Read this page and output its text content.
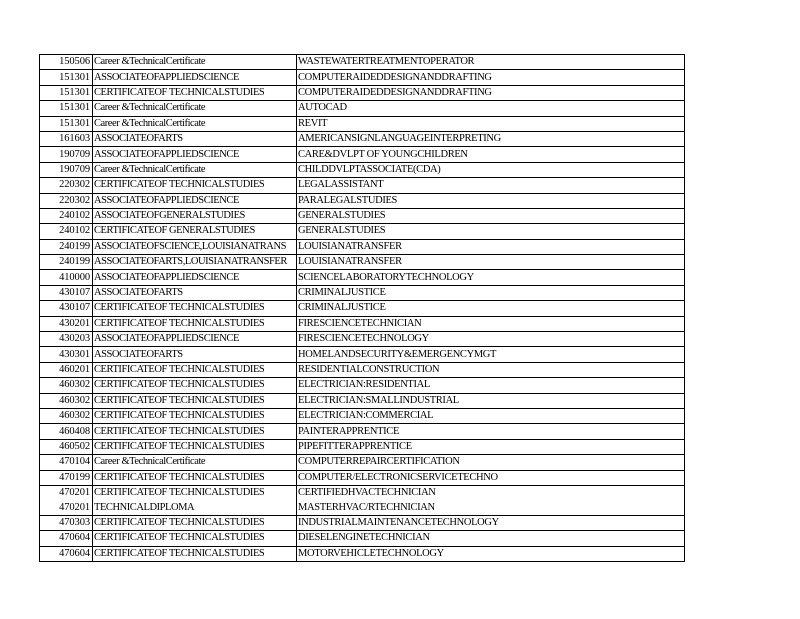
150506	Career &TechnicalCertificate	WASTEWATERTREATMENTOPERATOR
151301	ASSOCIATEOFAPPLIEDSCIENCE	COMPUTERAIDEDDESIGNANDDRAFTING
151301	CERTIFICATEOF TECHNICALSTUDIES	COMPUTERAIDEDDESIGNANDDRAFTING
151301	Career &TechnicalCertificate	AUTOCAD
151301	Career &TechnicalCertificate	REVIT
161603	ASSOCIATEOFARTS	AMERICANSIGNLANGUAGEINTERPRETING
190709	ASSOCIATEOFAPPLIEDSCIENCE	CARE&DVLPT OF YOUNGCHILDREN
190709	Career &TechnicalCertificate	CHILDDVLPTASSOCIATE(CDA)
220302	CERTIFICATEOF TECHNICALSTUDIES	LEGALASSISTANT
220302	ASSOCIATEOFAPPLIEDSCIENCE	PARALEGALSTUDIES
240102	ASSOCIATEOFGENERALSTUDIES	GENERALSTUDIES
240102	CERTIFICATEOF GENERALSTUDIES	GENERALSTUDIES
240199	ASSOCIATEOFSCIENCE,LOUISIANATRANS	LOUISIANATRANSFER
240199	ASSOCIATEOFARTS,LOUISIANATRANSFER	LOUISIANATRANSFER
410000	ASSOCIATEOFAPPLIEDSCIENCE	SCIENCELABORATORYTECHNOLOGY
430107	ASSOCIATEOFARTS	CRIMINALJUSTICE
430107	CERTIFICATEOF TECHNICALSTUDIES	CRIMINALJUSTICE
430201	CERTIFICATEOF TECHNICALSTUDIES	FIRESCIENCETECHNICIAN
430203	ASSOCIATEOFAPPLIEDSCIENCE	FIRESCIENCETECHNOLOGY
430301	ASSOCIATEOFARTS	HOMELANDSECURITY&EMERGENCYMGT
460201	CERTIFICATEOF TECHNICALSTUDIES	RESIDENTIALCONSTRUCTION
460302	CERTIFICATEOF TECHNICALSTUDIES	ELECTRICIAN:RESIDENTIAL
460302	CERTIFICATEOF TECHNICALSTUDIES	ELECTRICIAN:SMALLINDUSTRIAL
460302	CERTIFICATEOF TECHNICALSTUDIES	ELECTRICIAN:COMMERCIAL
460408	CERTIFICATEOF TECHNICALSTUDIES	PAINTERAPPRENTICE
460502	CERTIFICATEOF TECHNICALSTUDIES	PIPEFITTERAPPRENTICE
470104	Career &TechnicalCertificate	COMPUTERREPAIRCERTIFICATION
470199	CERTIFICATEOF TECHNICALSTUDIES	COMPUTER/ELECTRONICSERVICETECHNO
470201	CERTIFICATEOF TECHNICALSTUDIES	CERTIFIEDHVACTECHNICIAN
470201	TECHNICALDIPLOMA	MASTERHVAC/RTECHNICIAN
470303	CERTIFICATEOF TECHNICALSTUDIES	INDUSTRIALMAINTENANCETECHNOLOGY
470604	CERTIFICATEOF TECHNICALSTUDIES	DIESELENGINETECHNICIAN
470604	CERTIFICATEOF TECHNICALSTUDIES	MOTORVEHICLETECHNOLOGY
